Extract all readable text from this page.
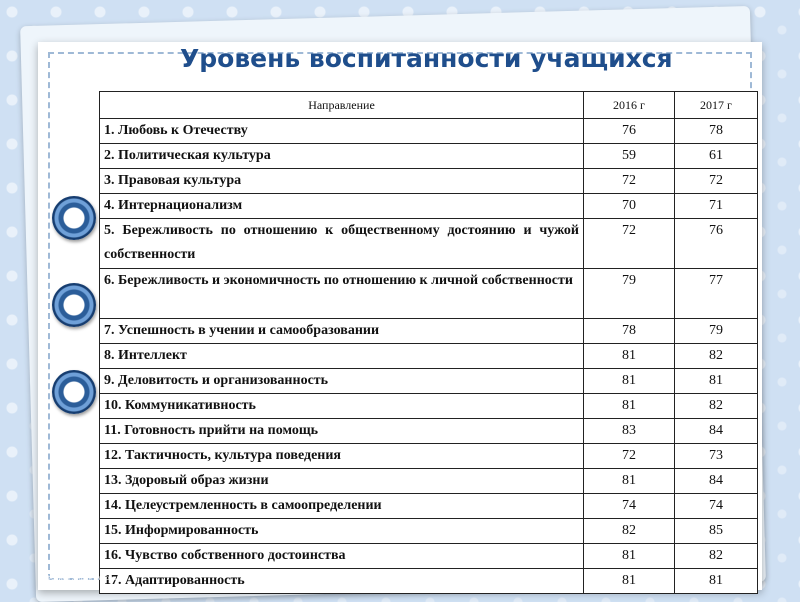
Уровень воспитанности учащихся
Направление	2016 г	2017 г
1. Любовь к Отечеству	76	78
2. Политическая культура	59	61
3. Правовая культура	72	72
4. Интернационализм	70	71
5. Бережливость по отношению к общественному достоянию и чужой собственности	72	76
6. Бережливость и экономичность по отношению к личной собственности	79	77
7. Успешность в учении и самообразовании	78	79
8. Интеллект	81	82
9. Деловитость и организованность	81	81
10. Коммуникативность	81	82
11. Готовность прийти на помощь	83	84
12. Тактичность, культура поведения	72	73
13. Здоровый образ жизни	81	84
14. Целеустремленность в самоопределении	74	74
15. Информированность	82	85
16. Чувство собственного достоинства	81	82
17. Адаптированность	81	81
© Фокина Лидия Петровна
